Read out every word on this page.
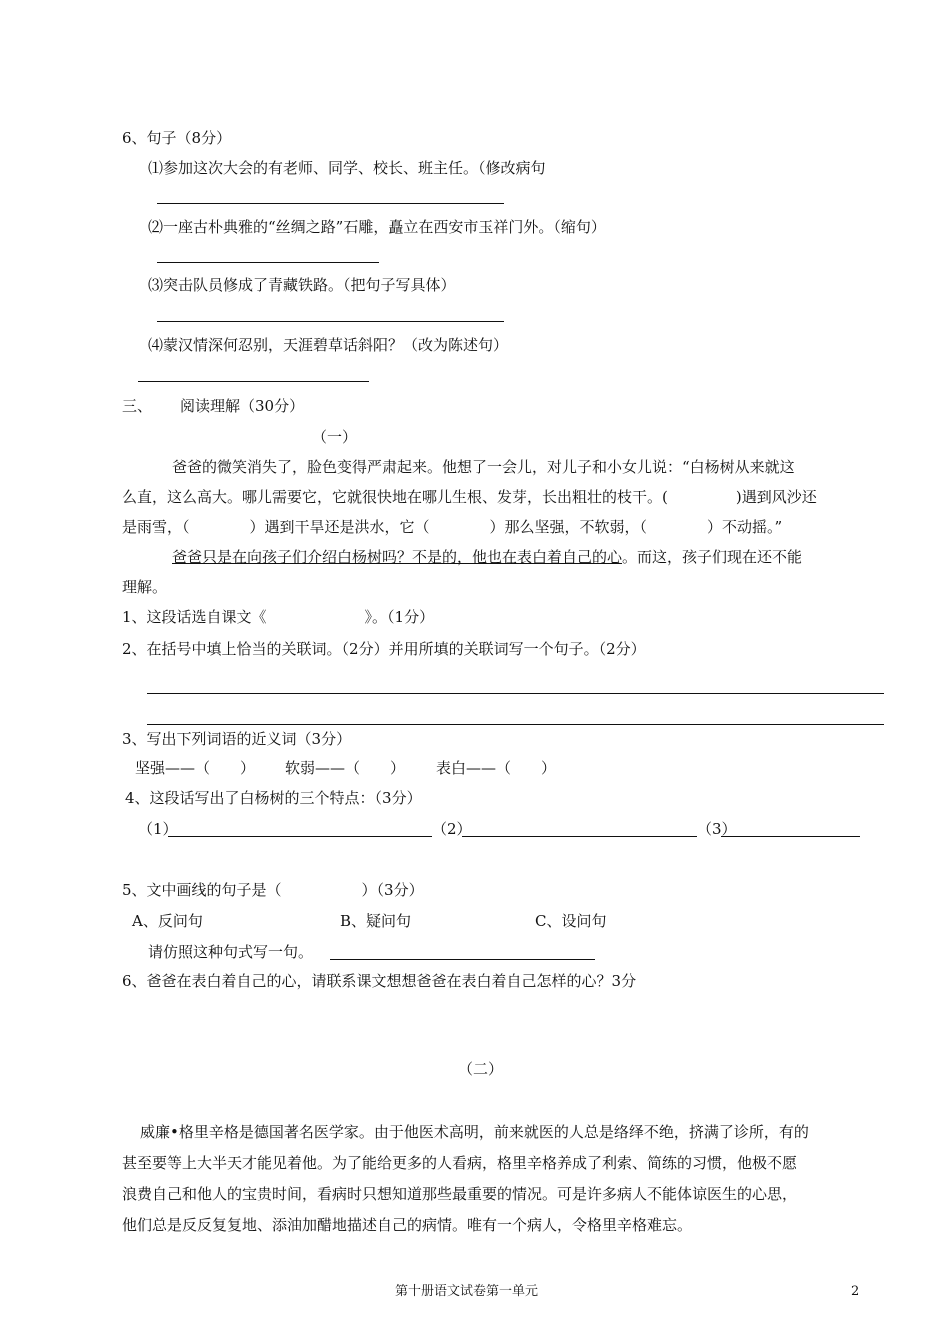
6、句子（8分）
⑴参加这次大会的有老师、同学、校长、班主任。（修改病句
⑵一座古朴典雅的“丝绸之路”石雕，矗立在西安市玉祥门外。（缩句）
⑶突击队员修成了青藏铁路。（把句子写具体）
⑷蒙汉情深何忍别，天涯碧草话斜阳？（改为陈述句）
三、 阅读理解（30分）
（一）
爸爸的微笑消失了，脸色变得严肃起来。他想了一会儿，对儿子和小女儿说：“白杨树从来就这
么直，这么高大。哪儿需要它，它就很快地在哪儿生根、发芽，长出粗壮的枝干。(	)遇到风沙还
是雨雪，（	）遇到干旱还是洪水，它（	）那么坚强，不软弱，（	）不动摇。”
爸爸只是在向孩子们介绍白杨树吗？不是的，他也在表白着自己的心。而这，孩子们现在还不能
理解。
1、这段话选自课文《	》。（1分）
2、在括号中填上恰当的关联词。（2分）并用所填的关联词写一个句子。（2分）
3、写出下列词语的近义词（3分）
坚强——（　　） 软弱——（　　） 表白——（　　）
4、这段话写出了白杨树的三个特点：（3分）
（1）	（2）	（3）
5、文中画线的句子是（	）（3分）
A、反问句	B、疑问句	C、设问句
请仿照这种句式写一句。
6、爸爸在表白着自己的心，请联系课文想想爸爸在表白着自己怎样的心？3分
（二）
威廉•格里辛格是德国著名医学家。由于他医术高明，前来就医的人总是络绎不绝，挤满了诊所，有的
甚至要等上大半天才能见着他。为了能给更多的人看病，格里辛格养成了利索、简练的习惯，他极不愿
浪费自己和他人的宝贵时间，看病时只想知道那些最重要的情况。可是许多病人不能体谅医生的心思，
他们总是反反复复地、添油加醋地描述自己的病情。唯有一个病人，令格里辛格难忘。
第十册语文试卷第一单元	2
